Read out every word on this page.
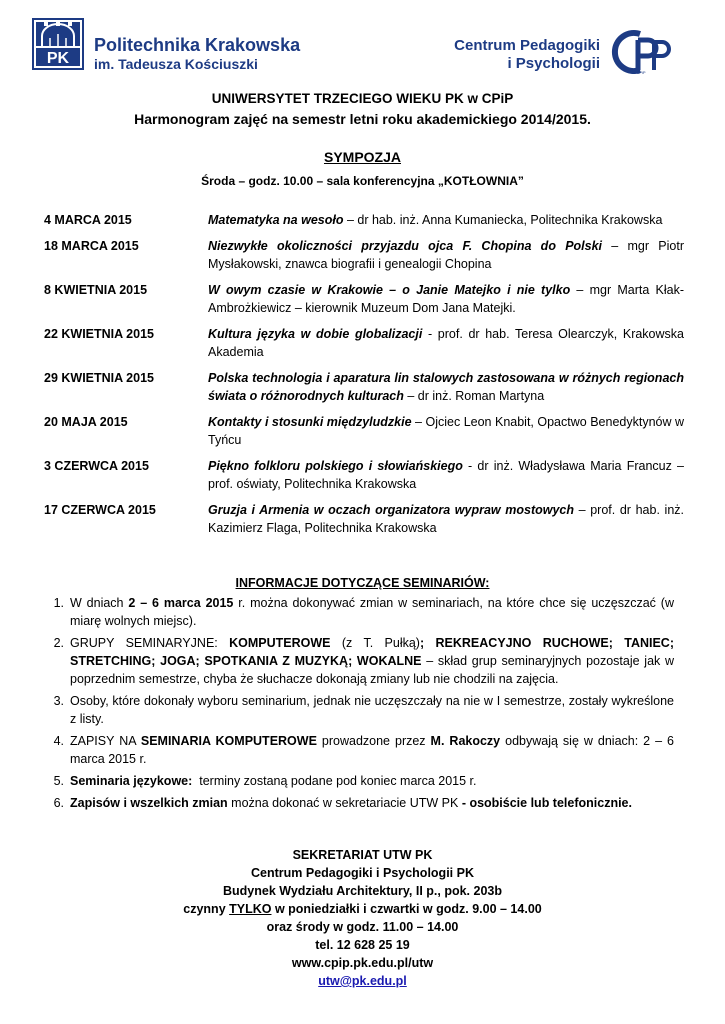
PK
Politechnika Krakowska
im. Tadeusza Kościuszki
Centrum Pedagogiki
i Psychologii
CPiP
UNIWERSYTET TRZECIEGO WIEKU PK w CPiP
Harmonogram zajęć na semestr letni roku akademickiego 2014/2015.
SYMPOZJA
Środa – godz. 10.00 – sala konferencyjna „KOTŁOWNIA”
4 MARCA 2015	Matematyka na wesoło – dr hab. inż. Anna Kumaniecka, Politechnika Krakowska
18 MARCA 2015	Niezwykłe okoliczności przyjazdu ojca F. Chopina do Polski – mgr Piotr Mysłakowski, znawca biografii i genealogii Chopina
8 KWIETNIA 2015	W owym czasie w Krakowie – o Janie Matejko i nie tylko – mgr Marta Kłak-Ambrożkiewicz – kierownik Muzeum Dom Jana Matejki.
22 KWIETNIA 2015	Kultura języka w dobie globalizacji - prof. dr hab. Teresa Olearczyk, Krakowska Akademia
29 KWIETNIA 2015	Polska technologia i aparatura lin stalowych zastosowana w różnych regionach świata o różnorodnych kulturach – dr inż. Roman Martyna
20 MAJA 2015	Kontakty i stosunki międzyludzkie – Ojciec Leon Knabit, Opactwo Benedyktynów w Tyńcu
3 CZERWCA 2015	Piękno folkloru polskiego i słowiańskiego - dr inż. Władysława Maria Francuz – prof. oświaty, Politechnika Krakowska
17 CZERWCA 2015	Gruzja i Armenia w oczach organizatora wypraw mostowych – prof. dr hab. inż. Kazimierz Flaga, Politechnika Krakowska
INFORMACJE DOTYCZĄCE SEMINARIÓW:
1. W dniach 2 – 6 marca 2015 r. można dokonywać zmian w seminariach, na które chce się uczęszczać (w miarę wolnych miejsc).
2. GRUPY SEMINARYJNE: KOMPUTEROWE (z T. Pułką); REKREACYJNO RUCHOWE; TANIEC; STRETCHING; JOGA; SPOTKANIA Z MUZYKĄ; WOKALNE – skład grup seminaryjnych pozostaje jak w poprzednim semestrze, chyba że słuchacze dokonają zmiany lub nie chodzili na zajęcia.
3. Osoby, które dokonały wyboru seminarium, jednak nie uczęszczały na nie w I semestrze, zostały wykreślone z listy.
4. ZAPISY NA SEMINARIA KOMPUTEROWE prowadzone przez M. Rakoczy odbywają się w dniach: 2 – 6 marca 2015 r.
5. Seminaria językowe:  terminy zostaną podane pod koniec marca 2015 r.
6. Zapisów i wszelkich zmian można dokonać w sekretariacie UTW PK - osobiście lub telefonicznie.
SEKRETARIAT UTW PK
Centrum Pedagogiki i Psychologii PK
Budynek Wydziału Architektury, II p., pok. 203b
czynny TYLKO w poniedziałki i czwartki w godz. 9.00 – 14.00
oraz środy w godz. 11.00 – 14.00
tel. 12 628 25 19
www.cpip.pk.edu.pl/utw
utw@pk.edu.pl
